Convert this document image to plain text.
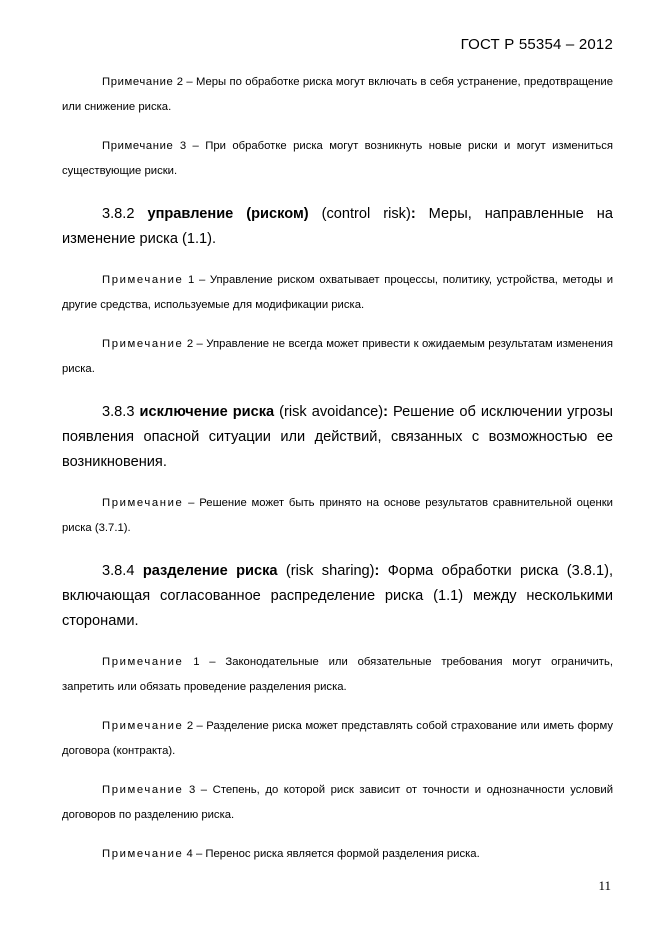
ГОСТ Р 55354 – 2012

Примечание 2 – Меры по обработке риска могут включать в себя устранение, предотвращение или снижение риска.

Примечание 3 – При обработке риска могут возникнуть новые риски и могут измениться существующие риски.

3.8.2 управление (риском) (control risk): Меры, направленные на изменение риска (1.1).

Примечание 1 – Управление риском охватывает процессы, политику, устройства, методы и другие средства, используемые для модификации риска.

Примечание 2 – Управление не всегда может привести к ожидаемым результатам изменения риска.

3.8.3 исключение риска (risk avoidance): Решение об исключении угрозы появления опасной ситуации или действий, связанных с возможностью ее возникновения.

Примечание – Решение может быть принято на основе результатов сравнительной оценки риска (3.7.1).

3.8.4 разделение риска (risk sharing): Форма обработки риска (3.8.1), включающая согласованное распределение риска (1.1) между несколькими сторонами.

Примечание 1 – Законодательные или обязательные требования могут ограничить, запретить или обязать проведение разделения риска.

Примечание 2 – Разделение риска может представлять собой страхование или иметь форму договора (контракта).

Примечание 3 – Степень, до которой риск зависит от точности и однозначности условий договоров по разделению риска.

Примечание 4 – Перенос риска является формой разделения риска.

11
